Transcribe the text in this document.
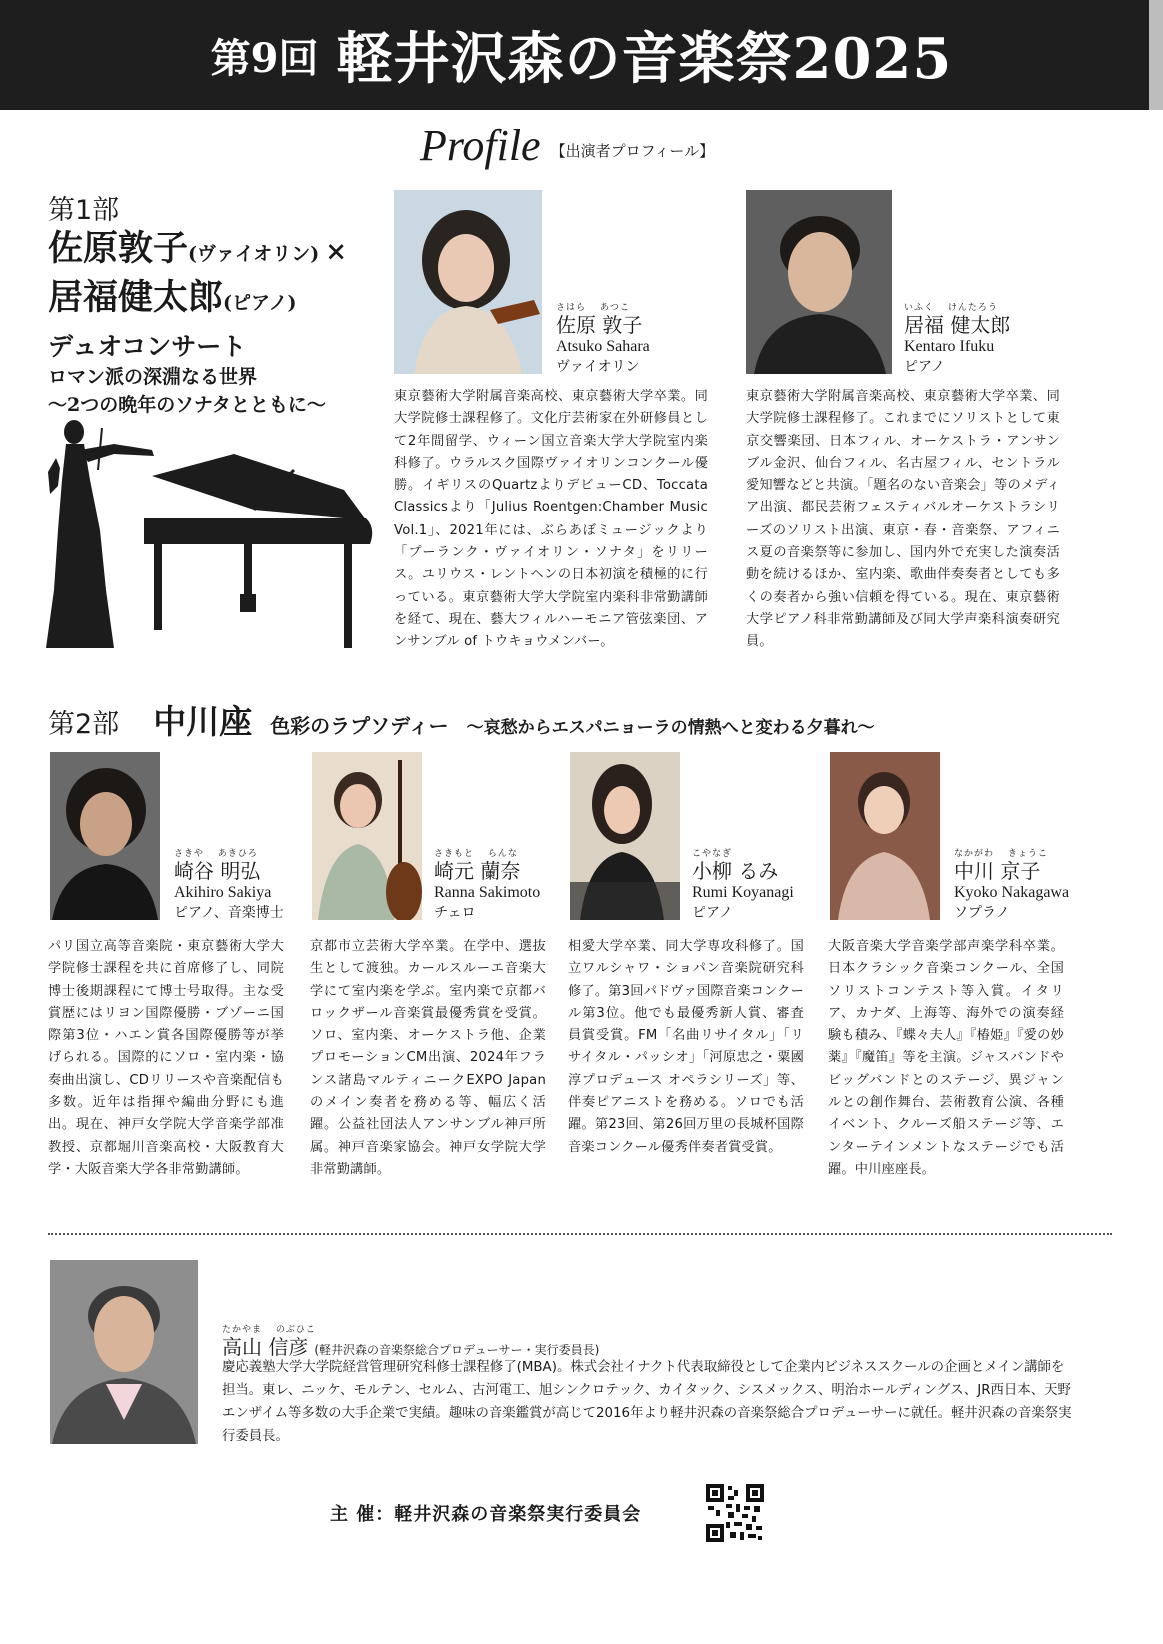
第9回 軽井沢森の音楽祭2025
Profile 【出演者プロフィール】
第1部
佐原敦子(ヴァイオリン) ×
居福健太郎(ピアノ)
デュオコンサート
ロマン派の深淵なる世界
〜2つの晩年のソナタとともに〜
さはら　 あつこ
佐原 敦子
Atsuko Sahara
ヴァイオリン
東京藝術大学附属音楽高校、東京藝術大学卒業。同大学院修士課程修了。文化庁芸術家在外研修員として2年間留学、ウィーン国立音楽大学大学院室内楽科修了。ウラルスク国際ヴァイオリンコンクール優勝。イギリスのQuartzよりデビューCD、Toccata Classicsより「Julius Roentgen:Chamber Music Vol.1」、2021年には、ぶらあぼミュージックより「プーランク・ヴァイオリン・ソナタ」をリリース。ユリウス・レントヘンの日本初演を積極的に行っている。東京藝術大学大学院室内楽科非常勤講師を経て、現在、藝大フィルハーモニア管弦楽団、アンサンブル of トウキョウメンバー。
いふく　 けんたろう
居福 健太郎
Kentaro Ifuku
ピアノ
東京藝術大学附属音楽高校、東京藝術大学卒業、同大学院修士課程修了。これまでにソリストとして東京交響楽団、日本フィル、オーケストラ・アンサンブル金沢、仙台フィル、名古屋フィル、セントラル愛知響などと共演。「題名のない音楽会」等のメディア出演、都民芸術フェスティバルオーケストラシリーズのソリスト出演、東京・春・音楽祭、アフィニス夏の音楽祭等に参加し、国内外で充実した演奏活動を続けるほか、室内楽、歌曲伴奏奏者としても多くの奏者から強い信頼を得ている。現在、東京藝術大学ピアノ科非常勤講師及び同大学声楽科演奏研究員。
第2部 中川座 色彩のラプソディー 〜哀愁からエスパニョーラの情熱へと変わる夕暮れ〜
さきや　 あきひろ
崎谷 明弘
Akihiro Sakiya
ピアノ、音楽博士
パリ国立高等音楽院・東京藝術大学大学院修士課程を共に首席修了し、同院博士後期課程にて博士号取得。主な受賞歴にはリヨン国際優勝・ブゾーニ国際第3位・ハエン賞各国際優勝等が挙げられる。国際的にソロ・室内楽・協奏曲出演し、CDリリースや音楽配信も多数。近年は指揮や編曲分野にも進出。現在、神戸女学院大学音楽学部准教授、京都堀川音楽高校・大阪教育大学・大阪音楽大学各非常勤講師。
さきもと　 らんな
崎元 蘭奈
Ranna Sakimoto
チェロ
京都市立芸術大学卒業。在学中、選抜生として渡独。カールスルーエ音楽大学にて室内楽を学ぶ。室内楽で京都バロックザール音楽賞最優秀賞を受賞。ソロ、室内楽、オーケストラ他、企業プロモーションCM出演、2024年フランス諸島マルティニークEXPO Japanのメイン奏者を務める等、幅広く活躍。公益社団法人アンサンブル神戸所属。神戸音楽家協会。神戸女学院大学非常勤講師。
こやなぎ
小柳 るみ
Rumi Koyanagi
ピアノ
相愛大学卒業、同大学専攻科修了。国立ワルシャワ・ショパン音楽院研究科修了。第3回パドヴァ国際音楽コンクール第3位。他でも最優秀新人賞、審査員賞受賞。FM「名曲リサイタル」「リサイタル・パッシオ」「河原忠之・粟國淳プロデュース オペラシリーズ」等、伴奏ピアニストを務める。ソロでも活躍。第23回、第26回万里の長城杯国際音楽コンクール優秀伴奏者賞受賞。
なかがわ　 きょうこ
中川 京子
Kyoko Nakagawa
ソプラノ
大阪音楽大学音楽学部声楽学科卒業。日本クラシック音楽コンクール、全国ソリストコンテスト等入賞。イタリア、カナダ、上海等、海外での演奏経験も積み、『蝶々夫人』『椿姫』『愛の妙薬』『魔笛』等を主演。ジャスバンドやビッグバンドとのステージ、異ジャンルとの創作舞台、芸術教育公演、各種イベント、クルーズ船ステージ等、エンターテインメントなステージでも活躍。中川座座長。
たかやま　 のぶひこ
高山 信彦 (軽井沢森の音楽祭総合プロデューサー・実行委員長)
慶応義塾大学大学院経営管理研究科修士課程修了(MBA)。株式会社イナクト代表取締役として企業内ビジネススクールの企画とメイン講師を担当。東レ、ニッケ、モルテン、セルム、古河電工、旭シンクロテック、カイタック、シスメックス、明治ホールディングス、JR西日本、天野エンザイム等多数の大手企業で実績。趣味の音楽鑑賞が高じて2016年より軽井沢森の音楽祭総合プロデューサーに就任。軽井沢森の音楽祭実行委員長。
主 催：軽井沢森の音楽祭実行委員会
